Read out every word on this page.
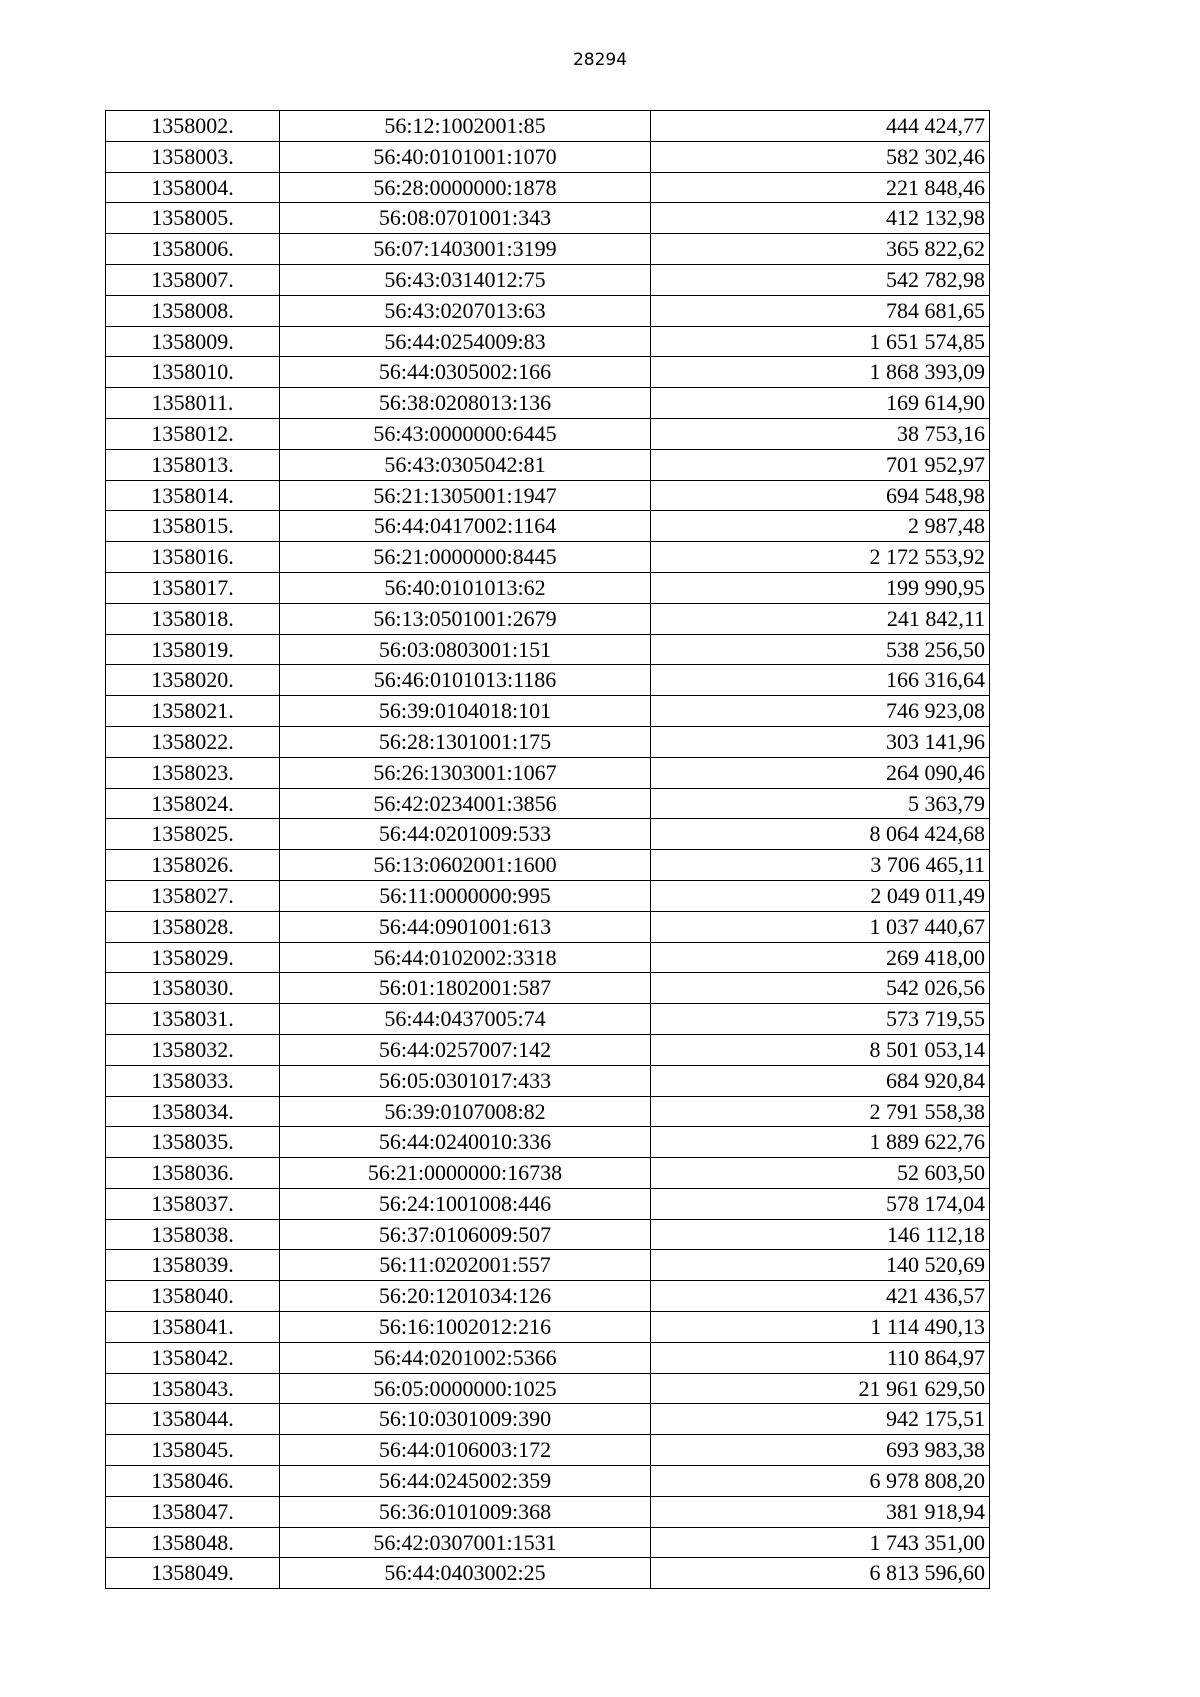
28294
1358002.	56:12:1002001:85	444 424,77
1358003.	56:40:0101001:1070	582 302,46
1358004.	56:28:0000000:1878	221 848,46
1358005.	56:08:0701001:343	412 132,98
1358006.	56:07:1403001:3199	365 822,62
1358007.	56:43:0314012:75	542 782,98
1358008.	56:43:0207013:63	784 681,65
1358009.	56:44:0254009:83	1 651 574,85
1358010.	56:44:0305002:166	1 868 393,09
1358011.	56:38:0208013:136	169 614,90
1358012.	56:43:0000000:6445	38 753,16
1358013.	56:43:0305042:81	701 952,97
1358014.	56:21:1305001:1947	694 548,98
1358015.	56:44:0417002:1164	2 987,48
1358016.	56:21:0000000:8445	2 172 553,92
1358017.	56:40:0101013:62	199 990,95
1358018.	56:13:0501001:2679	241 842,11
1358019.	56:03:0803001:151	538 256,50
1358020.	56:46:0101013:1186	166 316,64
1358021.	56:39:0104018:101	746 923,08
1358022.	56:28:1301001:175	303 141,96
1358023.	56:26:1303001:1067	264 090,46
1358024.	56:42:0234001:3856	5 363,79
1358025.	56:44:0201009:533	8 064 424,68
1358026.	56:13:0602001:1600	3 706 465,11
1358027.	56:11:0000000:995	2 049 011,49
1358028.	56:44:0901001:613	1 037 440,67
1358029.	56:44:0102002:3318	269 418,00
1358030.	56:01:1802001:587	542 026,56
1358031.	56:44:0437005:74	573 719,55
1358032.	56:44:0257007:142	8 501 053,14
1358033.	56:05:0301017:433	684 920,84
1358034.	56:39:0107008:82	2 791 558,38
1358035.	56:44:0240010:336	1 889 622,76
1358036.	56:21:0000000:16738	52 603,50
1358037.	56:24:1001008:446	578 174,04
1358038.	56:37:0106009:507	146 112,18
1358039.	56:11:0202001:557	140 520,69
1358040.	56:20:1201034:126	421 436,57
1358041.	56:16:1002012:216	1 114 490,13
1358042.	56:44:0201002:5366	110 864,97
1358043.	56:05:0000000:1025	21 961 629,50
1358044.	56:10:0301009:390	942 175,51
1358045.	56:44:0106003:172	693 983,38
1358046.	56:44:0245002:359	6 978 808,20
1358047.	56:36:0101009:368	381 918,94
1358048.	56:42:0307001:1531	1 743 351,00
1358049.	56:44:0403002:25	6 813 596,60
